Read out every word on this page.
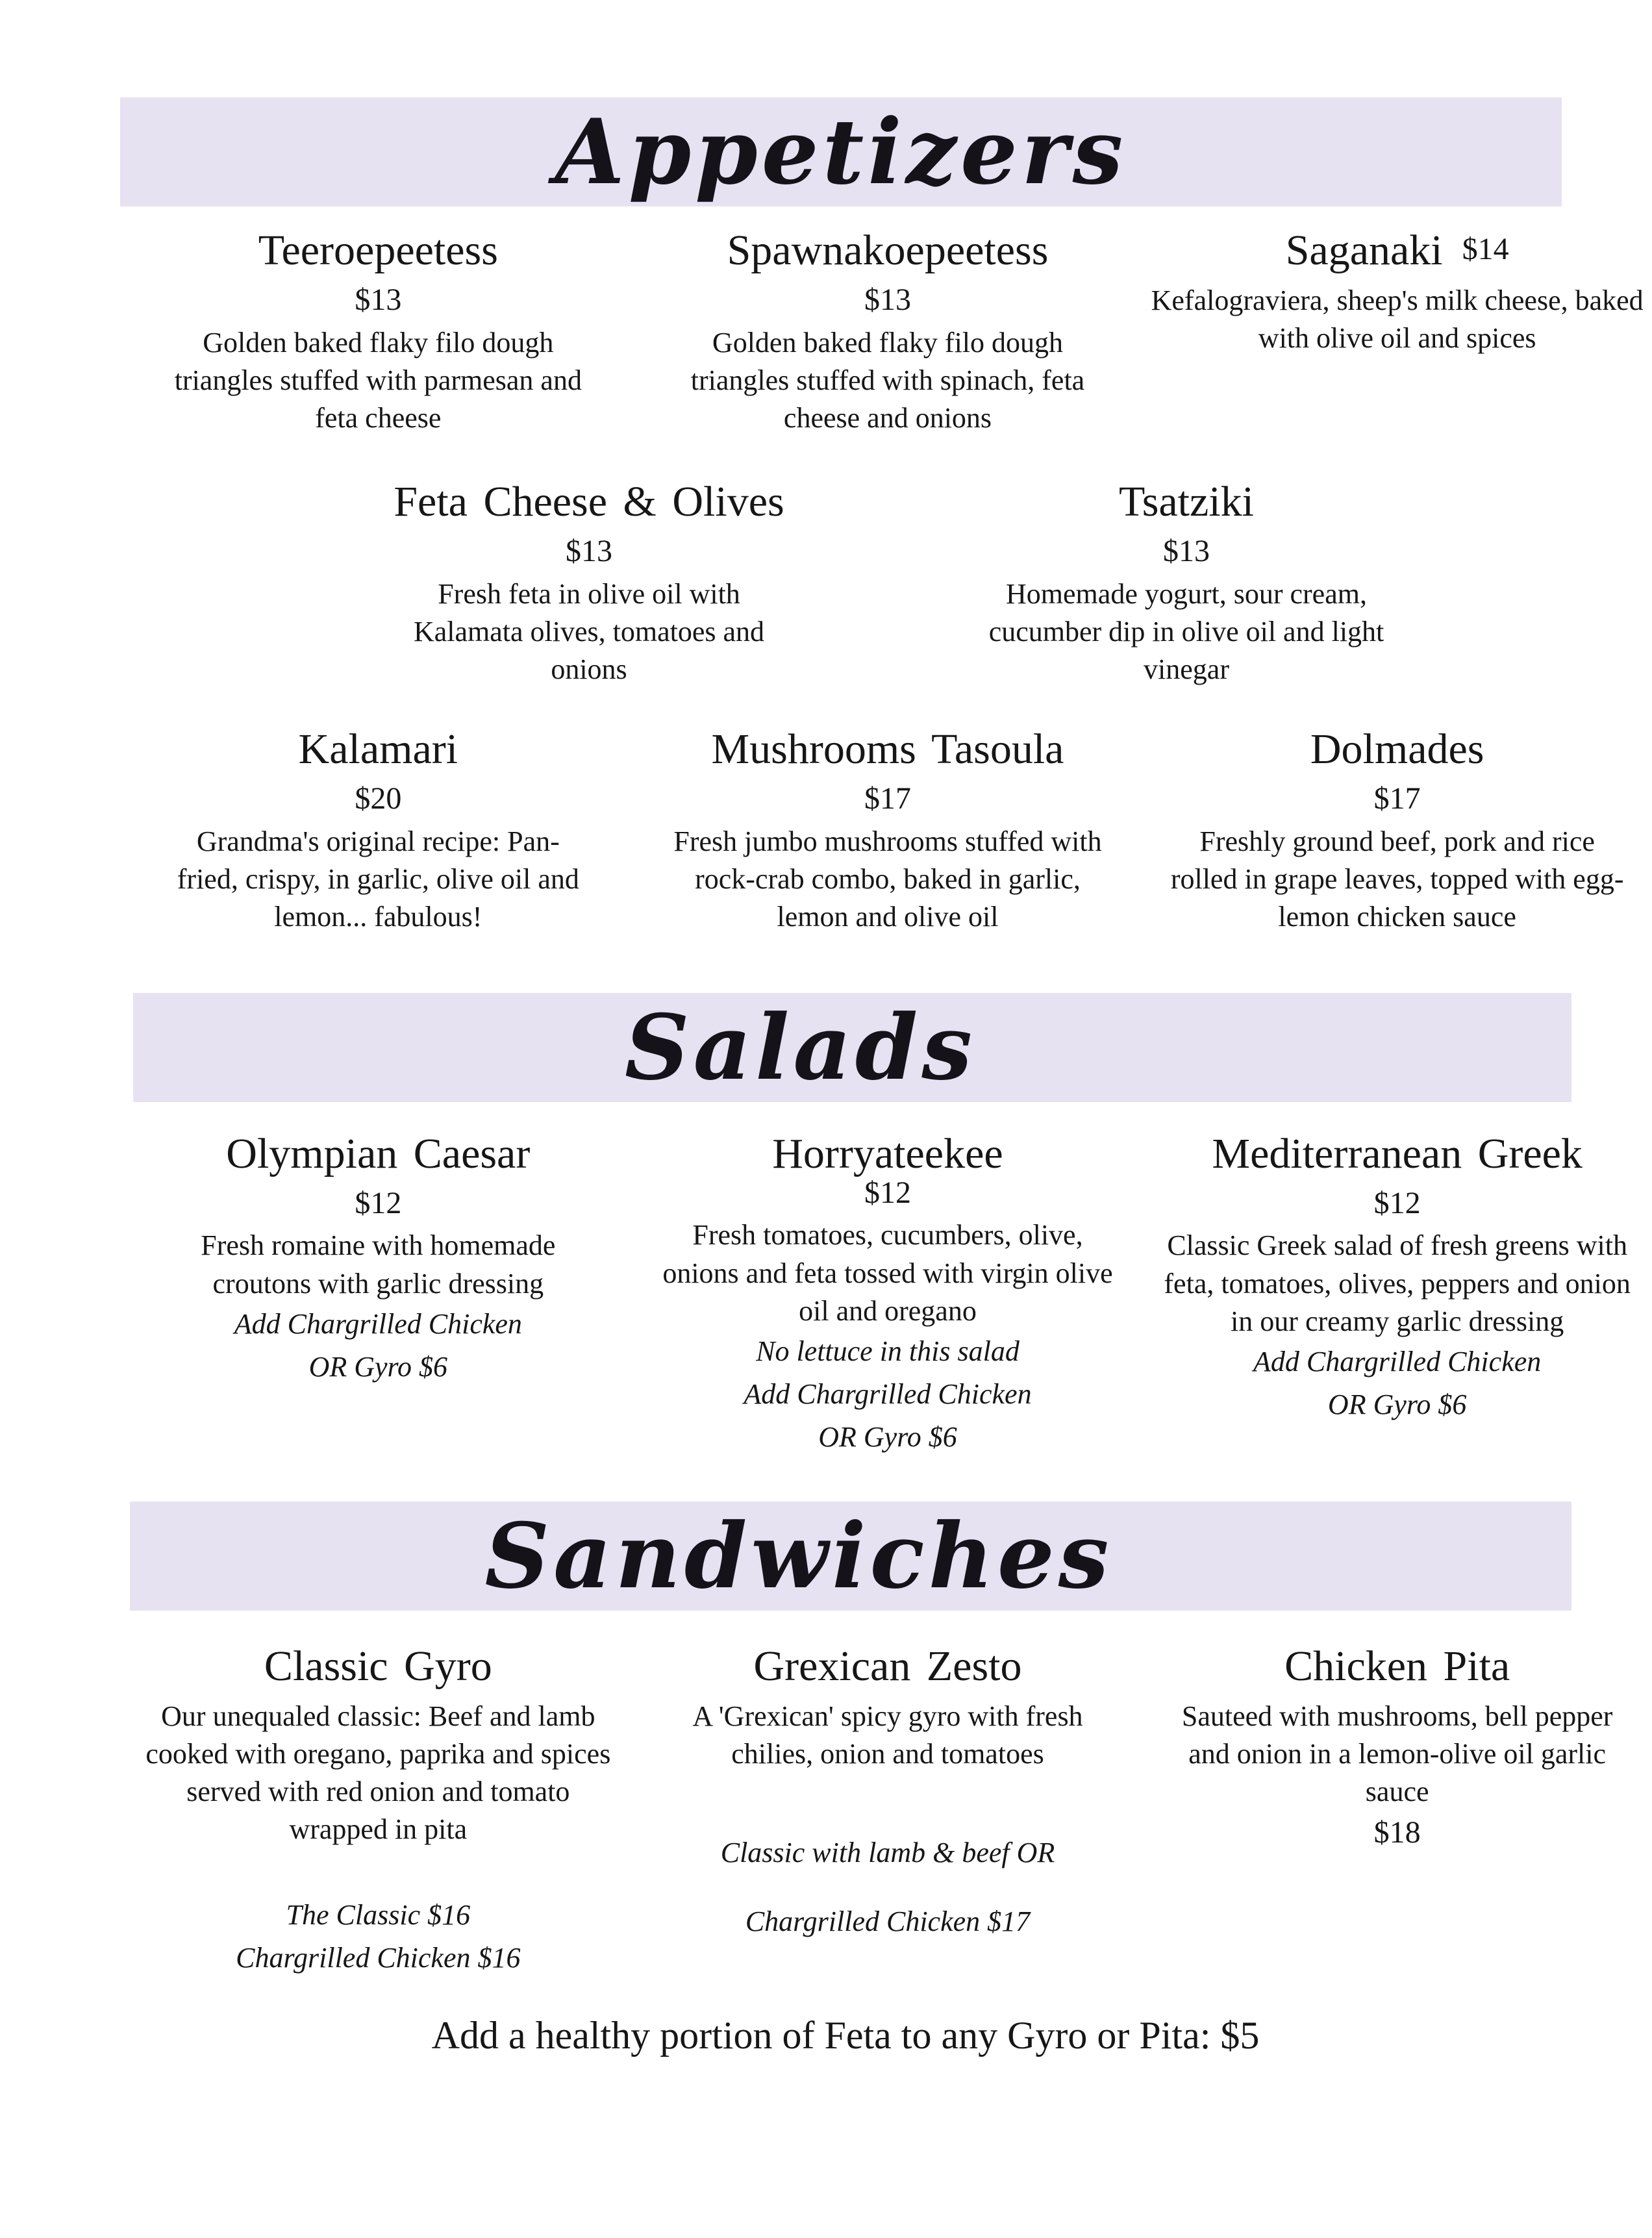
Appetizers
Teeroepeetess
$13

Golden baked flaky filo dough triangles stuffed with parmesan and feta cheese

Spawnakoepeetess
$13

Golden baked flaky filo dough triangles stuffed with spinach, feta cheese and onions

Saganaki $14

Kefalograviera, sheep's milk cheese, baked with olive oil and spices

Feta Cheese & Olives
$13

Fresh feta in olive oil with Kalamata olives, tomatoes and onions

Tsatziki
$13

Homemade yogurt, sour cream, cucumber dip in olive oil and light vinegar

Kalamari
$20

Grandma's original recipe: Pan-fried, crispy, in garlic, olive oil and lemon... fabulous!

Mushrooms Tasoula
$17

Fresh jumbo mushrooms stuffed with rock-crab combo, baked in garlic, lemon and olive oil

Dolmades
$17

Freshly ground beef, pork and rice rolled in grape leaves, topped with egg-lemon chicken sauce

Salads
Olympian Caesar
$12

Fresh romaine with homemade croutons with garlic dressing

Add Chargrilled Chicken

OR Gyro $6

Horryateekee
$12

Fresh tomatoes, cucumbers, olive, onions and feta tossed with virgin olive oil and oregano

No lettuce in this salad

Add Chargrilled Chicken

OR Gyro $6

Mediterranean Greek
$12

Classic Greek salad of fresh greens with feta, tomatoes, olives, peppers and onion in our creamy garlic dressing

Add Chargrilled Chicken

OR Gyro $6

Sandwiches
Classic Gyro

Our unequaled classic: Beef and lamb cooked with oregano, paprika and spices served with red onion and tomato wrapped in pita

The Classic $16

Chargrilled Chicken $16

Grexican Zesto

A 'Grexican' spicy gyro with fresh chilies, onion and tomatoes

Classic with lamb & beef OR

Chargrilled Chicken $17

Chicken Pita

Sauteed with mushrooms, bell pepper and onion in a lemon-olive oil garlic sauce

$18
Add a healthy portion of Feta to any Gyro or Pita: $5
